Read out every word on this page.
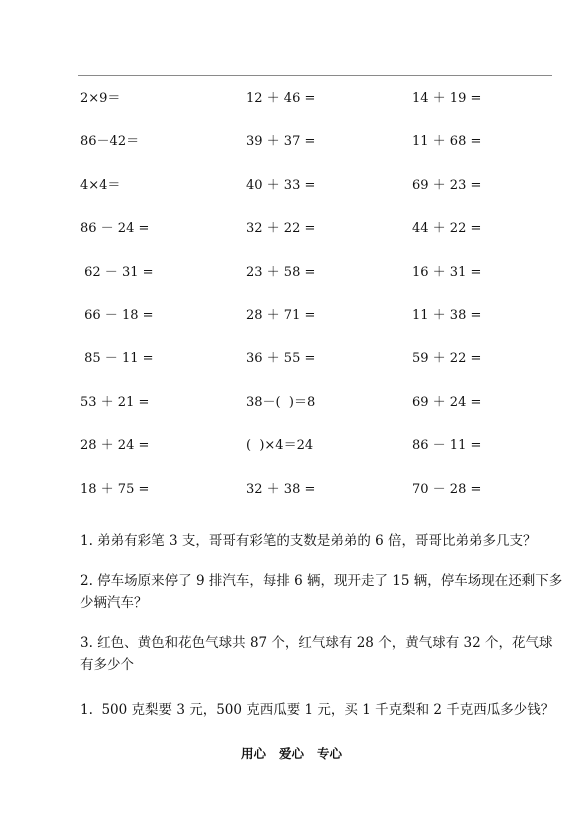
2×9＝	12 ＋ 46 =	14 ＋ 19 =
86－42＝	39 ＋ 37 =	11 ＋ 68 =
4×4＝	40 ＋ 33 =	69 ＋ 23 =
86 － 24 =	32 ＋ 22 =	44 ＋ 22 =
62 － 31 =	23 ＋ 58 =	16 ＋ 31 =
66 － 18 =	28 ＋ 71 =	11 ＋ 38 =
85 － 11 =	36 ＋ 55 =	59 ＋ 22 =
53 ＋ 21 =	38－(  )＝8	69 ＋ 24 =
28 ＋ 24 =	(  )×4＝24	86 － 11 =
18 ＋ 75 =	32 ＋ 38 =	70 － 28 =
1. 弟弟有彩笔 3 支，哥哥有彩笔的支数是弟弟的 6 倍，哥哥比弟弟多几支？
2. 停车场原来停了 9 排汽车，每排 6 辆，现开走了 15 辆，停车场现在还剩下多少辆汽车？
3. 红色、黄色和花色气球共 87 个，红气球有 28 个，黄气球有 32 个，花气球有多少个
1.  500 克梨要 3 元，500 克西瓜要 1 元，买 1 千克梨和 2 千克西瓜多少钱？
用心   爱心   专心
